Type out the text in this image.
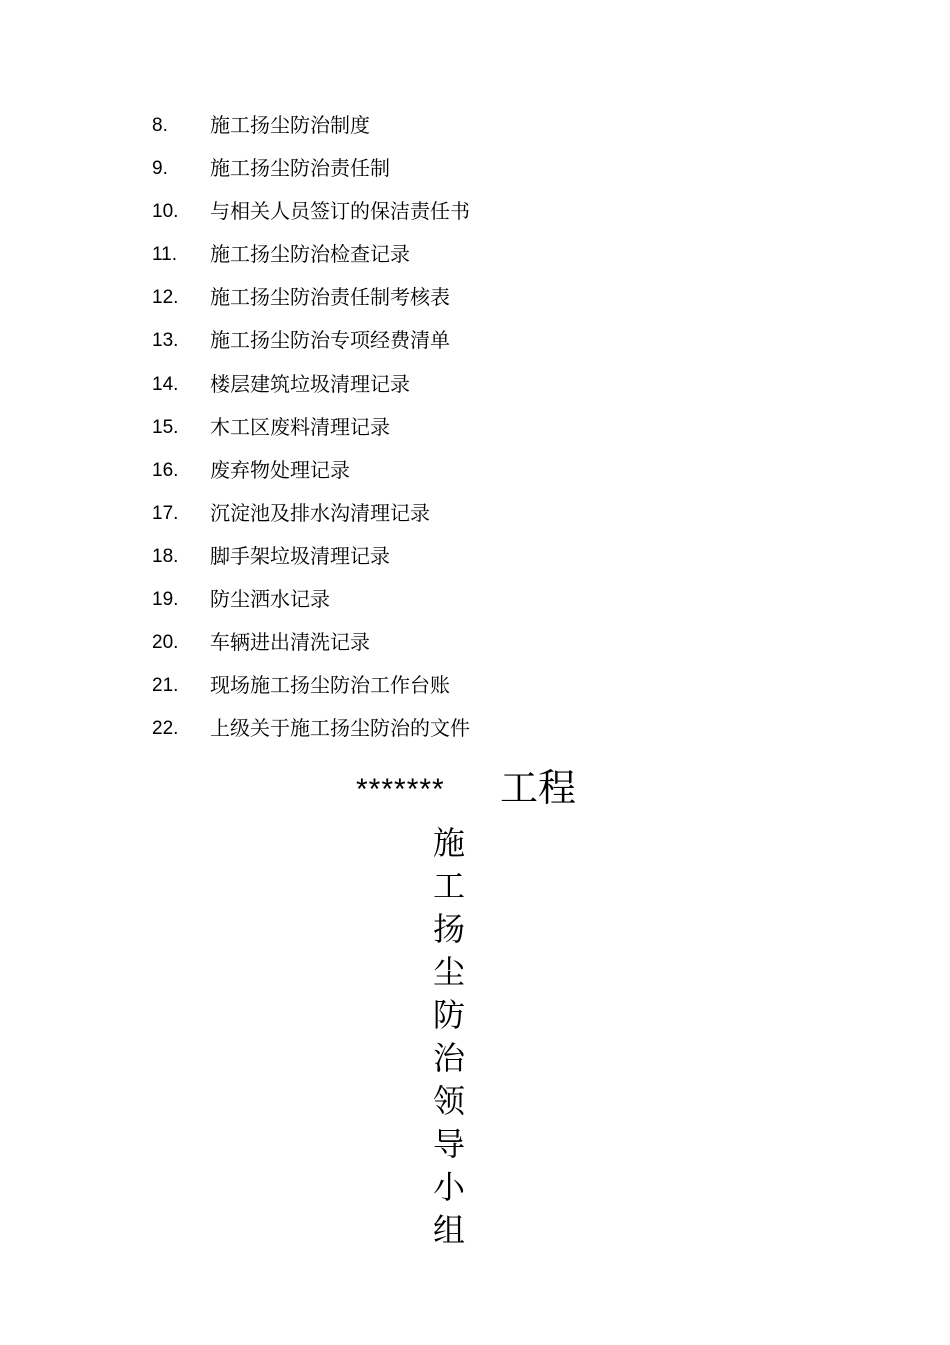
8. 施工扬尘防治制度
9. 施工扬尘防治责任制
10. 与相关人员签订的保洁责任书
11. 施工扬尘防治检查记录
12. 施工扬尘防治责任制考核表
13. 施工扬尘防治专项经费清单
14. 楼层建筑垃圾清理记录
15. 木工区废料清理记录
16. 废弃物处理记录
17. 沉淀池及排水沟清理记录
18. 脚手架垃圾清理记录
19. 防尘洒水记录
20. 车辆进出清洗记录
21. 现场施工扬尘防治工作台账
22. 上级关于施工扬尘防治的文件
******* 工程
施工扬尘防治领导小组
